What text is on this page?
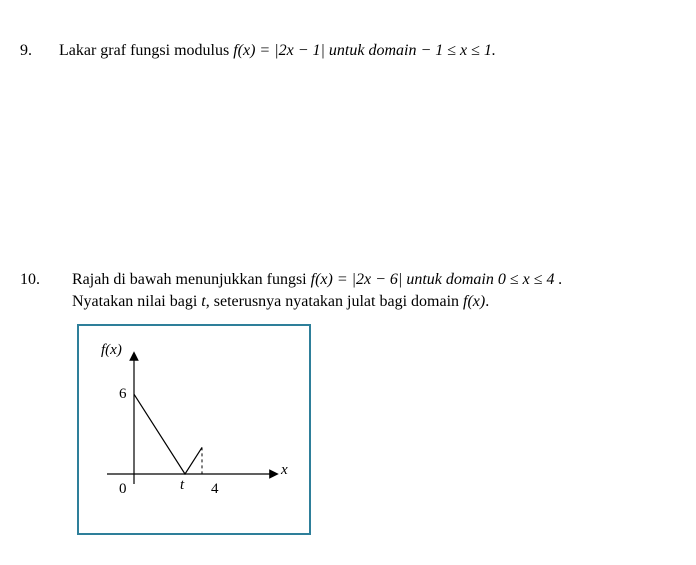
9. Lakar graf fungsi modulus f(x) = |2x − 1| untuk domain − 1 ≤ x ≤ 1.
10. Rajah di bawah menunjukkan fungsi f(x) = |2x − 6| untuk domain 0 ≤ x ≤ 4 .
Nyatakan nilai bagi t, seterusnya nyatakan julat bagi domain f(x).
f(x)
x
6
0	t 4
